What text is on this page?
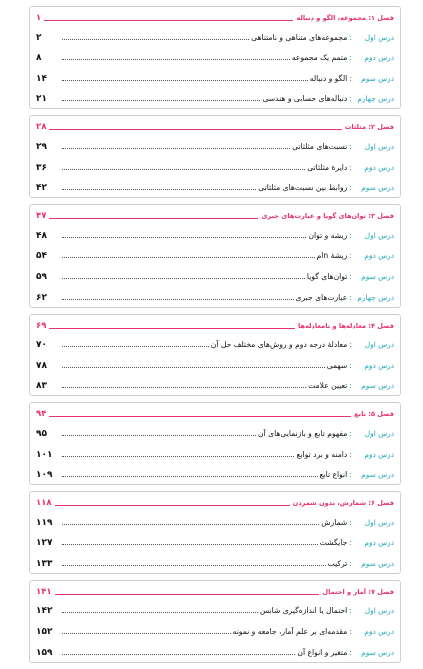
فصل ۱: مجموعه، الگو و دنباله
۱
درس اول
:
مجموعه‌های متناهی و نامتناهی
۲
درس دوم
:
متمم یک مجموعه
۸
درس سوم
:
الگو و دنباله
۱۴
درس چهارم
:
دنباله‌های حسابی و هندسی
۲۱
فصل ۲: مثلثات
۲۸
درس اول
:
نسبت‌های مثلثاتی
۲۹
درس دوم
:
دایرهٔ مثلثاتی
۳۶
درس سوم
:
روابط بین نسبت‌های مثلثاتی
۴۲
فصل ۳: توان‌های گویا و عبارت‌های جبری
۴۷
درس اول
:
ریشه و توان
۴۸
درس دوم
:
ریشهٔ nام
۵۴
درس سوم
:
توان‌های گویا
۵۹
درس چهارم
:
عبارت‌های جبری
۶۲
فصل ۴: معادله‌ها و نامعادله‌ها
۶۹
درس اول
:
معادلهٔ درجه دوم و روش‌های مختلف حل آن
۷۰
درس دوم
:
سهمی
۷۸
درس سوم
:
تعیین علامت
۸۳
فصل ۵: تابع
۹۴
درس اول
:
مفهوم تابع و بازنمایی‌های آن
۹۵
درس دوم
:
دامنه و برد توابع
۱۰۱
درس سوم
:
انواع تابع
۱۰۹
فصل ۶: شمارش، بدون شمردن
۱۱۸
درس اول
:
شمارش
۱۱۹
درس دوم
:
جایگشت
۱۲۷
درس سوم
:
ترکیب
۱۳۳
فصل ۷: آمار و احتمال
۱۴۱
درس اول
:
احتمال یا اندازه‌گیری شانس
۱۴۲
درس دوم
:
مقدمه‌ای بر علم آمار، جامعه و نمونه
۱۵۲
درس سوم
:
متغیر و انواع آن
۱۵۹
